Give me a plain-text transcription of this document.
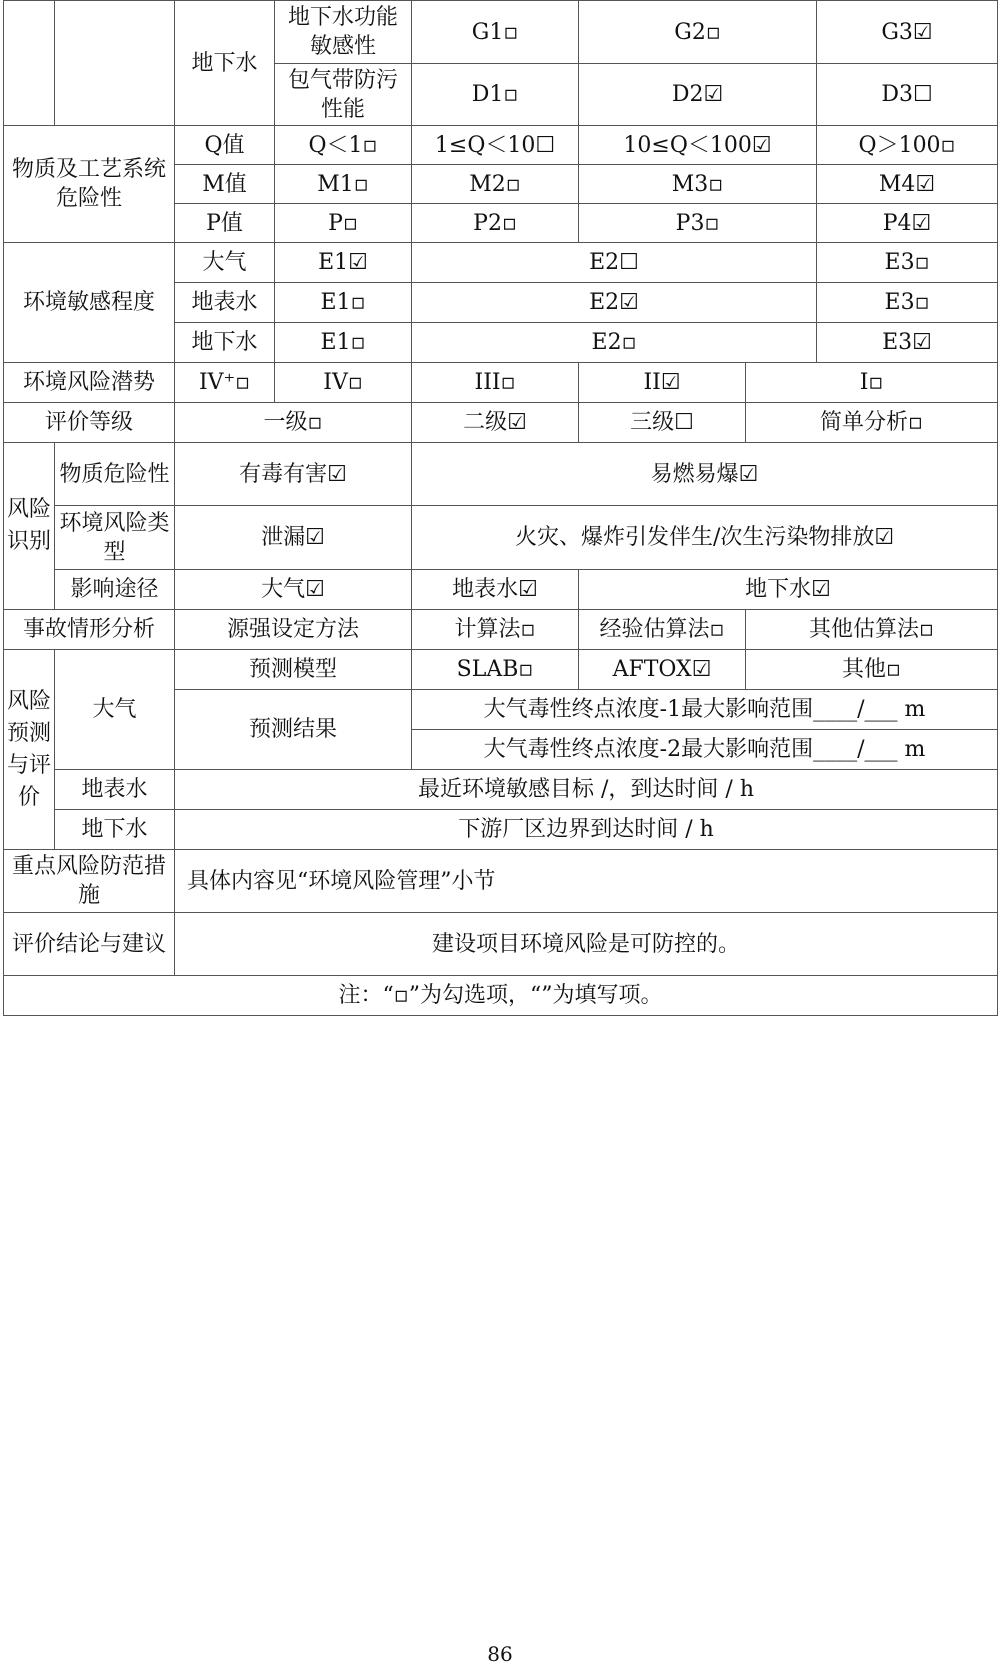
		地下水	地下水功能敏感性	G1▫	G2▫		G3☑
			包气带防污性能	D1▫	D2☑		D3☐
物质及工艺系统危险性		Q值	Q＜1▫	1≤Q＜10☐	10≤Q＜100☑		Q＞100▫
		M值	M1▫	M2▫	M3▫		M4☑
		P值	P▫	P2▫	P3▫		P4☑
环境敏感程度		大气	E1☑	E2☐			E3▫
		地表水	E1▫	E2☑			E3▫
		地下水	E1▫	E2▫			E3☑
环境风险潜势		IV⁺▫	IV▫	III▫	II☑	I▫	
评价等级		一级▫		二级☑	三级☐	简单分析▫	
风险识别	物质危险性	有毒有害☑		易燃易爆☑			
	环境风险类型	泄漏☑		火灾、爆炸引发伴生/次生污染物排放☑			
	影响途径	大气☑		地表水☑	地下水☑		
事故情形分析		源强设定方法		计算法▫	经验估算法▫	其他估算法▫	
风险预测与评价	大气	预测模型		SLAB▫	AFTOX☑	其他▫	
		预测结果		大气毒性终点浓度-1最大影响范围____/___ m			
				大气毒性终点浓度-2最大影响范围____/___ m			
	地表水	最近环境敏感目标 /，到达时间 / h					
	地下水	下游厂区边界到达时间 / h					
重点风险防范措施		具体内容见“环境风险管理”小节					
评价结论与建议		建设项目环境风险是可防控的。					
注：“▫”为勾选项，“”为填写项。							
86
